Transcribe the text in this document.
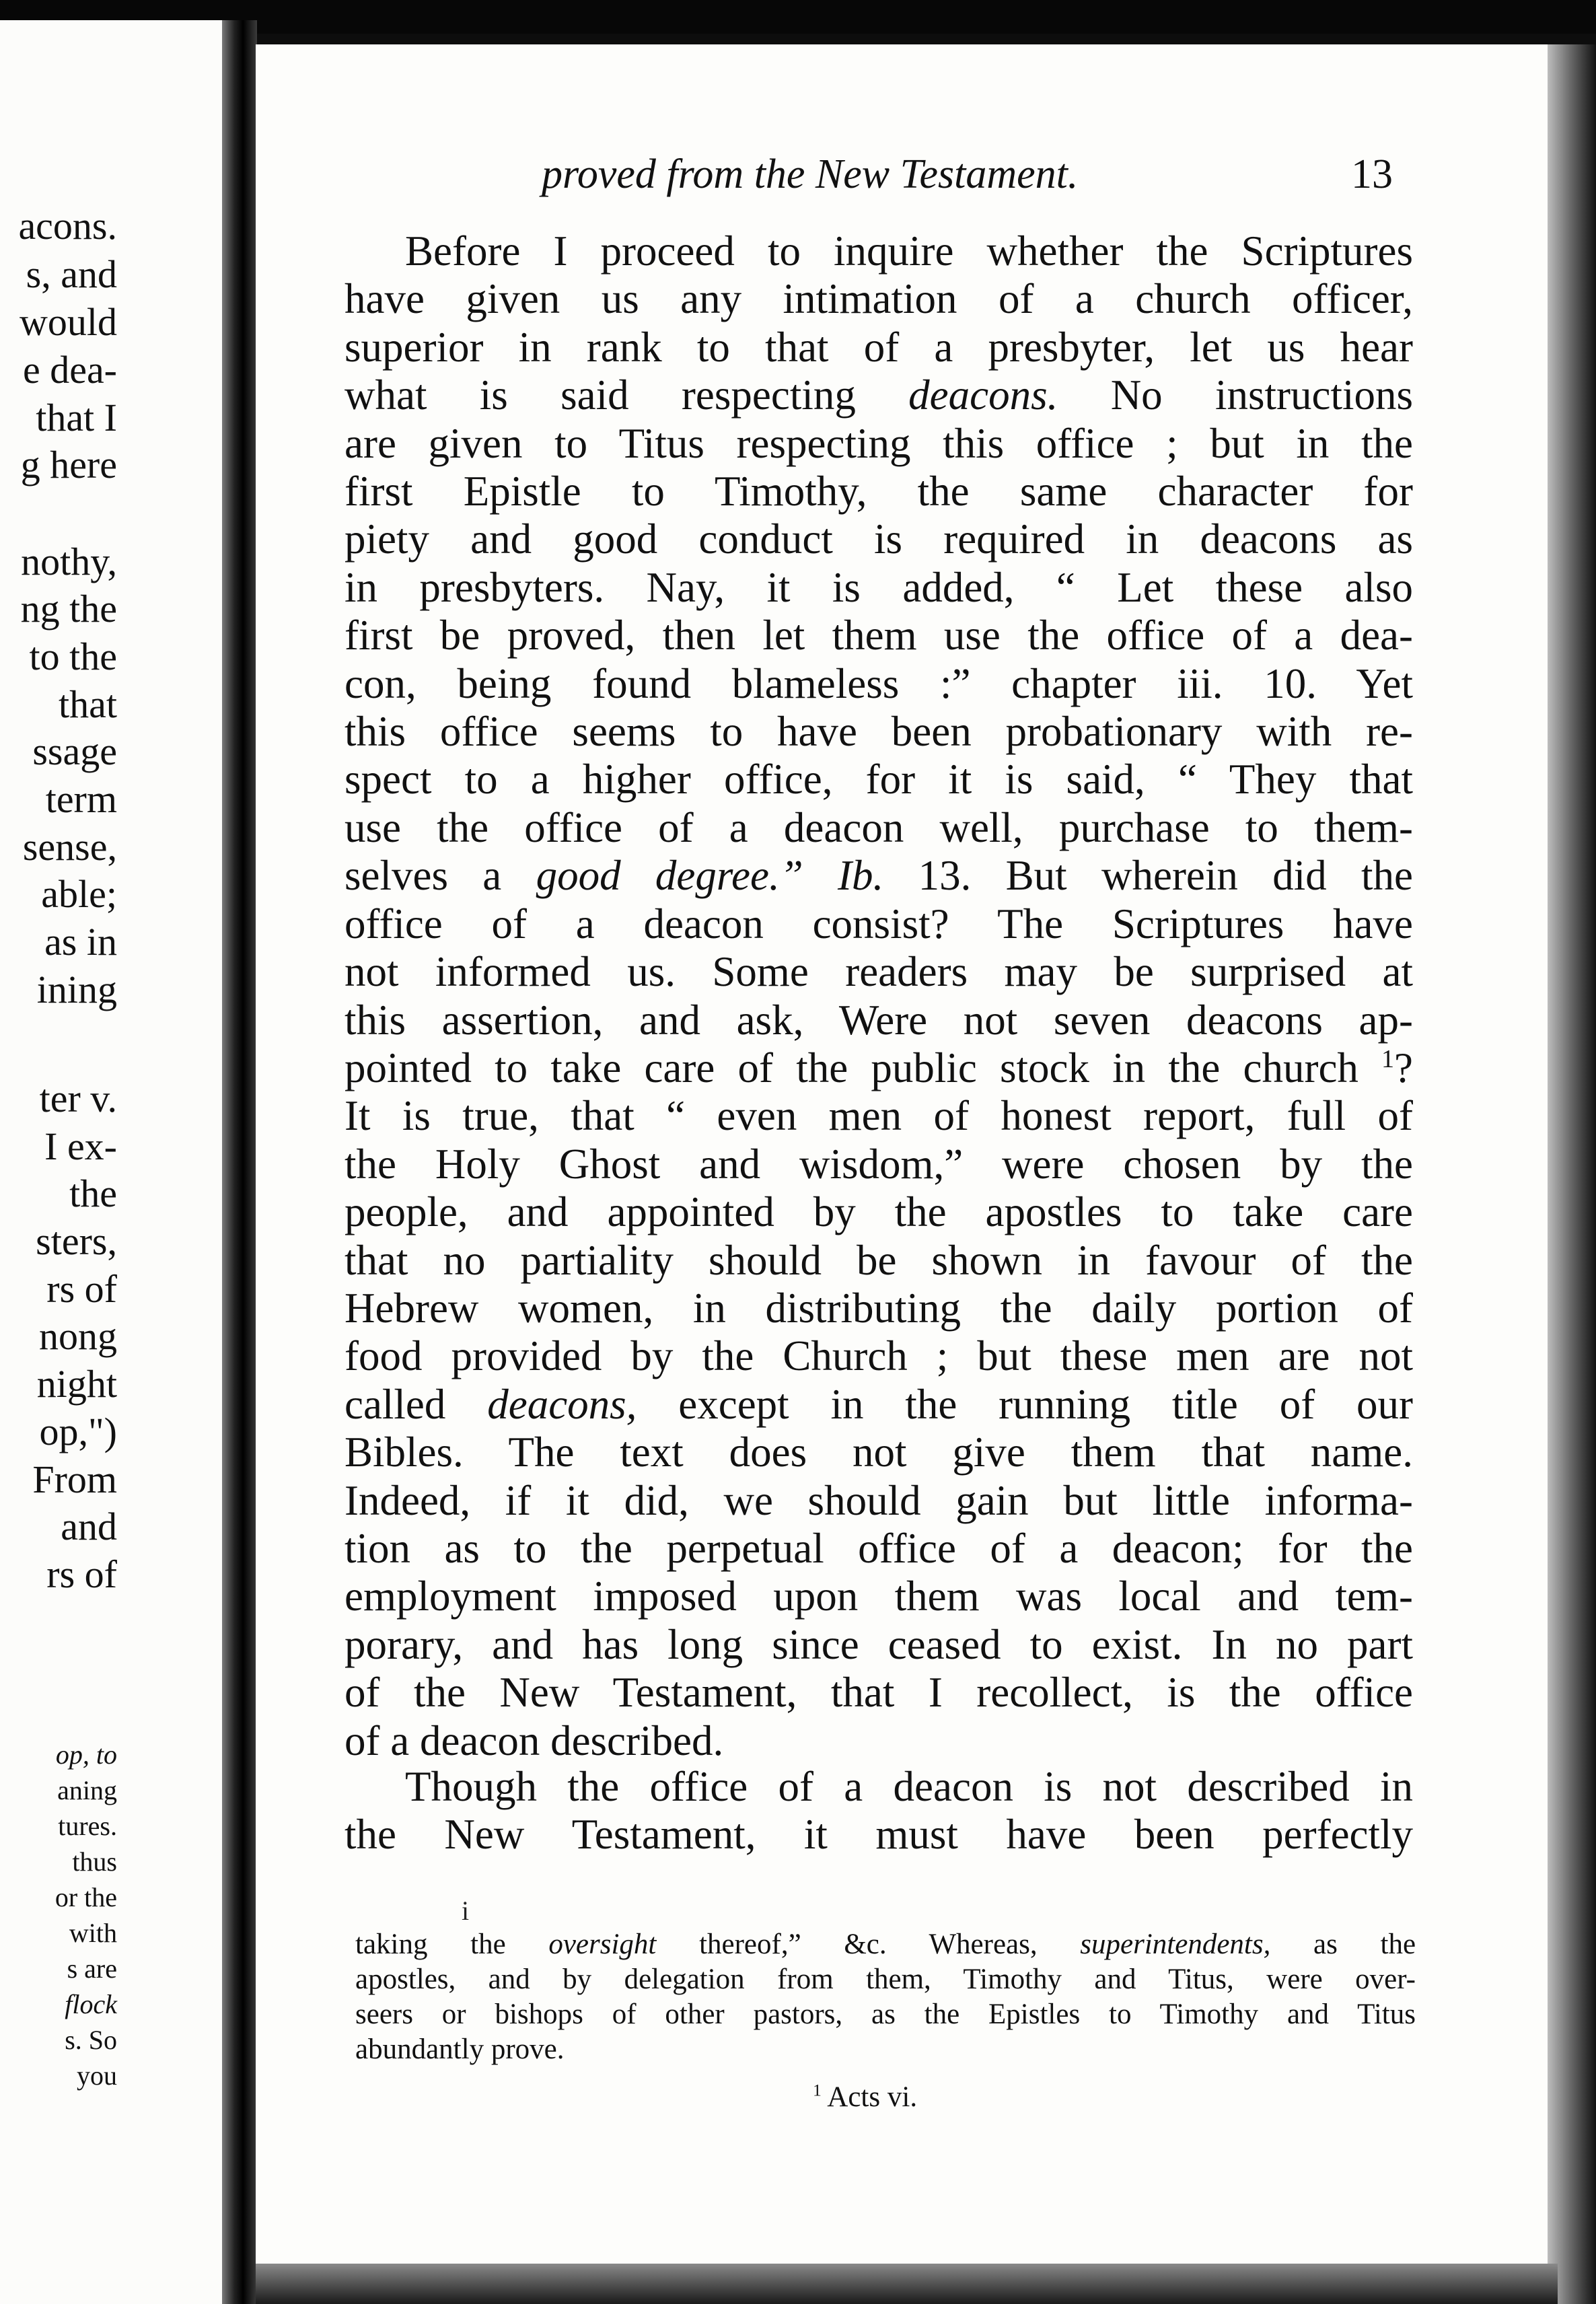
acons.
s, and
would
e dea-
that I
g here
nothy,
ng the
to the
that
ssage
term
sense,
able;
as in
ining
ter v.
I ex-
the
sters,
rs of
nong
night
op,")
From
and
rs of
op, to
aning
tures.
thus
or the
with
s are
flock
s. So
you
proved from the New Testament.	13
Before I proceed to inquire whether the Scriptures
have given us any intimation of a church officer,
superior in rank to that of a presbyter, let us hear
what is said respecting deacons. No instructions
are given to Titus respecting this office ; but in the
first Epistle to Timothy, the same character for
piety and good conduct is required in deacons as
in presbyters. Nay, it is added, “ Let these also
first be proved, then let them use the office of a dea-
con, being found blameless :” chapter iii. 10. Yet
this office seems to have been probationary with re-
spect to a higher office, for it is said, “ They that
use the office of a deacon well, purchase to them-
selves a good degree.” Ib. 13. But wherein did the
office of a deacon consist? The Scriptures have
not informed us. Some readers may be surprised at
this assertion, and ask, Were not seven deacons ap-
pointed to take care of the public stock in the church $^1$?
It is true, that “ even men of honest report, full of
the Holy Ghost and wisdom,” were chosen by the
people, and appointed by the apostles to take care
that no partiality should be shown in favour of the
Hebrew women, in distributing the daily portion of
food provided by the Church ; but these men are not
called deacons, except in the running title of our
Bibles. The text does not give them that name.
Indeed, if it did, we should gain but little informa-
tion as to the perpetual office of a deacon; for the
employment imposed upon them was local and tem-
porary, and has long since ceased to exist. In no part
of the New Testament, that I recollect, is the office
of a deacon described.
Though the office of a deacon is not described in
the New Testament, it must have been perfectly
i
taking the oversight thereof,” &c. Whereas, superintendents, as the
apostles, and by delegation from them, Timothy and Titus, were over-
seers or bishops of other pastors, as the Epistles to Timothy and Titus
abundantly prove.
$^1$ Acts vi.
